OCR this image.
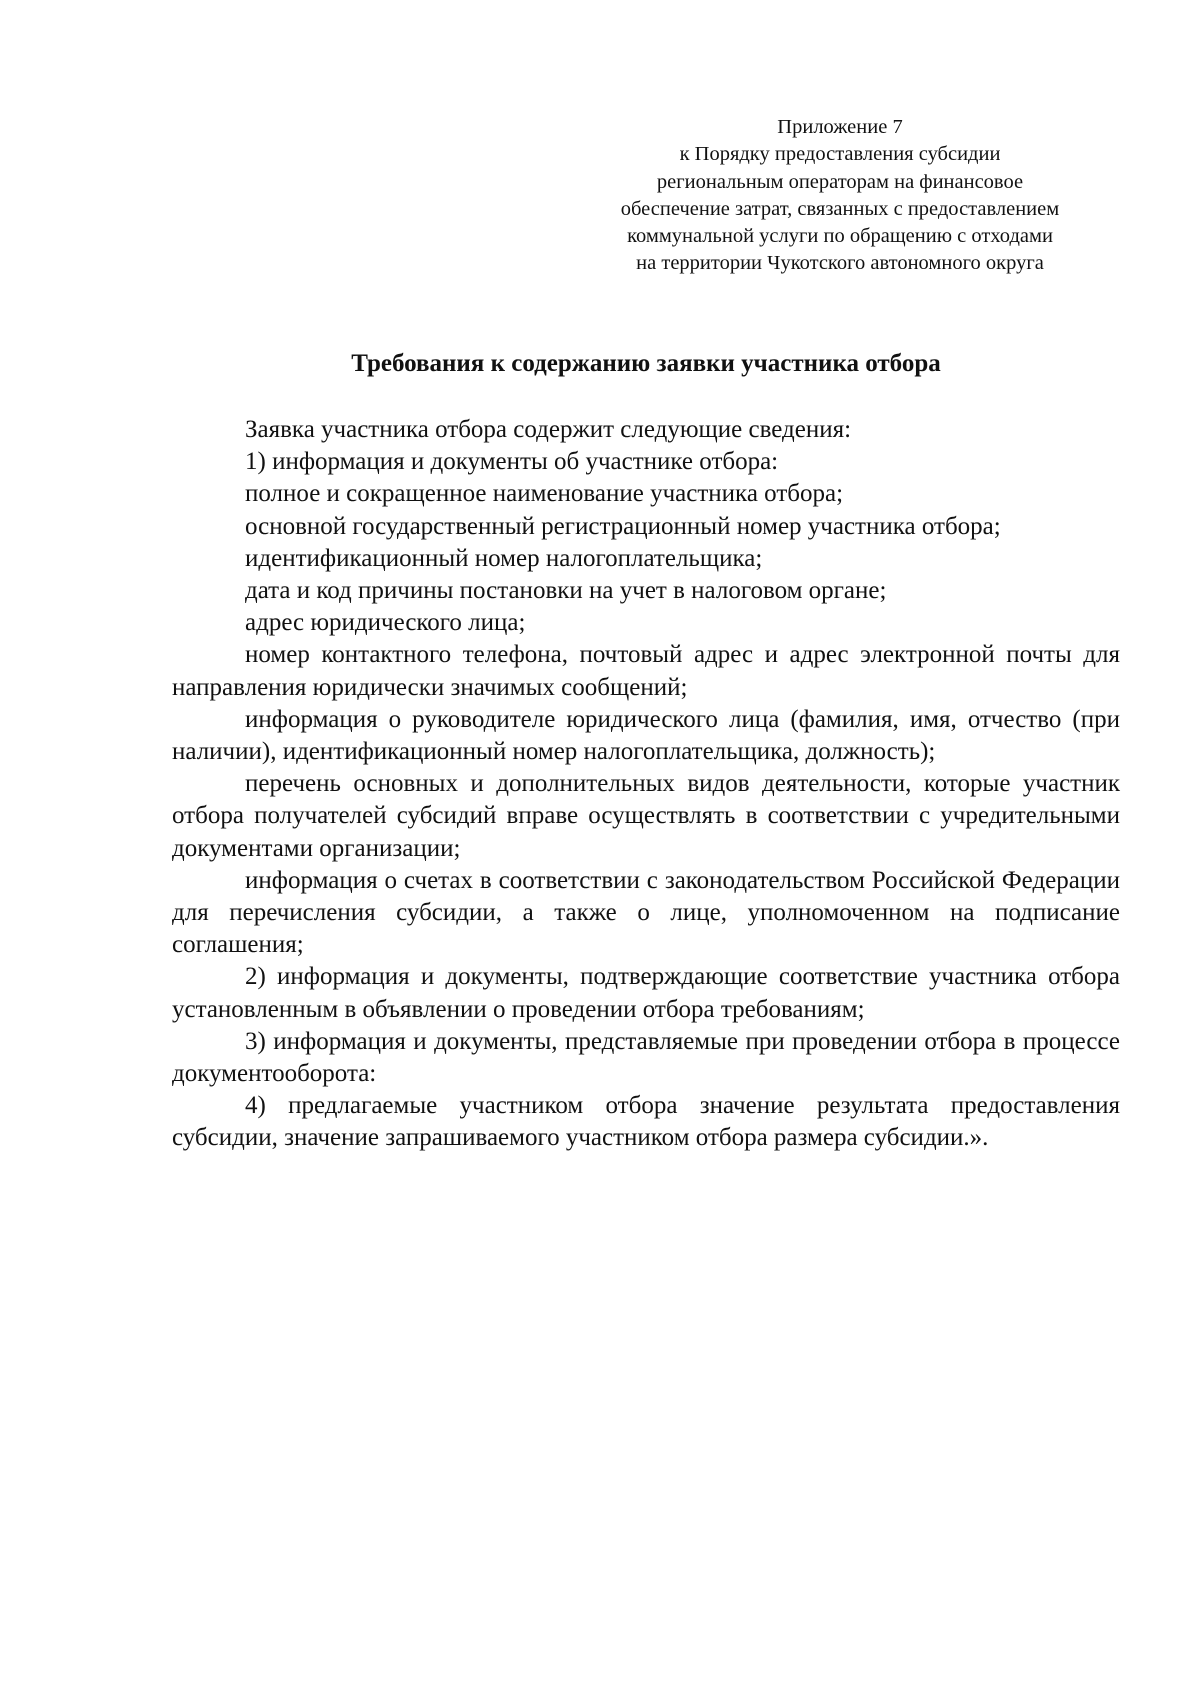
Приложение 7
к Порядку предоставления субсидии
региональным операторам на финансовое
обеспечение затрат, связанных с предоставлением
коммунальной услуги по обращению с отходами
на территории Чукотского автономного округа
Требования к содержанию заявки участника отбора

Заявка участника отбора содержит следующие сведения:

1) информация и документы об участнике отбора:

полное и сокращенное наименование участника отбора;

основной государственный регистрационный номер участника отбора;

идентификационный номер налогоплательщика;

дата и код причины постановки на учет в налоговом органе;

адрес юридического лица;

номер контактного телефона, почтовый адрес и адрес электронной почты для направления юридически значимых сообщений;

информация о руководителе юридического лица (фамилия, имя, отчество (при наличии), идентификационный номер налогоплательщика, должность);

перечень основных и дополнительных видов деятельности, которые участник отбора получателей субсидий вправе осуществлять в соответствии с учредительными документами организации;

информация о счетах в соответствии с законодательством Российской Федерации для перечисления субсидии, а также о лице, уполномоченном на подписание соглашения;

2) информация и документы, подтверждающие соответствие участника отбора установленным в объявлении о проведении отбора требованиям;

3) информация и документы, представляемые при проведении отбора в процессе документооборота:

4) предлагаемые участником отбора значение результата предоставления субсидии, значение запрашиваемого участником отбора размера субсидии.».
